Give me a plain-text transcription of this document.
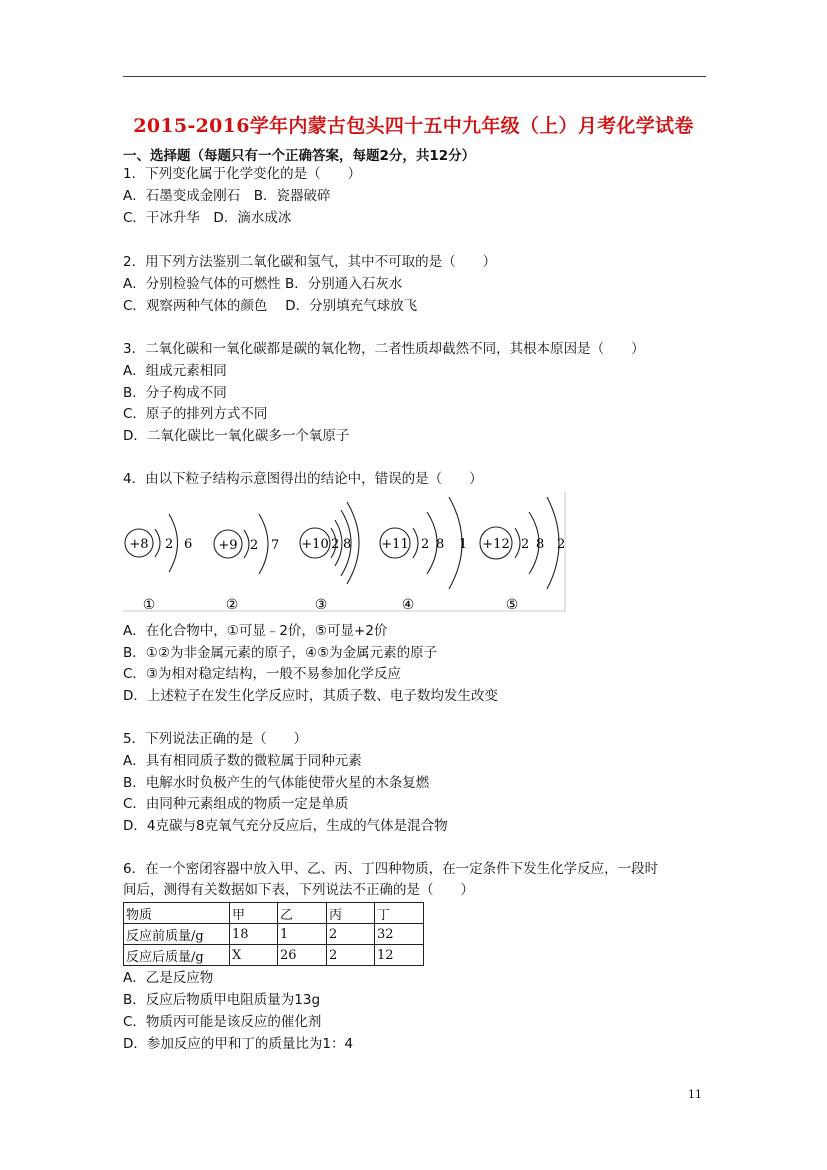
2015-2016学年内蒙古包头四十五中九年级（上）月考化学试卷
一、选择题（每题只有一个正确答案，每题2分，共12分）
1．下列变化属于化学变化的是（　　）
A．石墨变成金刚石　B．瓷器破碎
C．干冰升华　D．滴水成冰
2．用下列方法鉴别二氧化碳和氢气，其中不可取的是（　　）
A．分别检验气体的可燃性 B．分别通入石灰水
C．观察两种气体的颜色　 D．分别填充气球放飞
3．二氧化碳和一氧化碳都是碳的氧化物，二者性质却截然不同，其根本原因是（　　）
A．组成元素相同
B．分子构成不同
C．原子的排列方式不同
D．二氧化碳比一氧化碳多一个氧原子
4．由以下粒子结构示意图得出的结论中，错误的是（　　）
+8 2 6
①
+9 2 7
②
+10 2 8
③
+11 2 8 1
④
+12 2 8 2
⑤
A．在化合物中，①可显﹣2价，⑤可显+2价
B．①②为非金属元素的原子，④⑤为金属元素的原子
C．③为相对稳定结构，一般不易参加化学反应
D．上述粒子在发生化学反应时，其质子数、电子数均发生改变
5．下列说法正确的是（　　）
A．具有相同质子数的微粒属于同种元素
B．电解水时负极产生的气体能使带火星的木条复燃
C．由同种元素组成的物质一定是单质
D．4克碳与8克氧气充分反应后，生成的气体是混合物
6．在一个密闭容器中放入甲、乙、丙、丁四种物质，在一定条件下发生化学反应，一段时
间后，测得有关数据如下表，下列说法不正确的是（　　）
物质	甲	乙	丙	丁
反应前质量/g	18	1	2	32
反应后质量/g	X	26	2	12
A．乙是反应物
B．反应后物质甲电阻质量为13g
C．物质丙可能是该反应的催化剂
D．参加反应的甲和丁的质量比为1：4
11
